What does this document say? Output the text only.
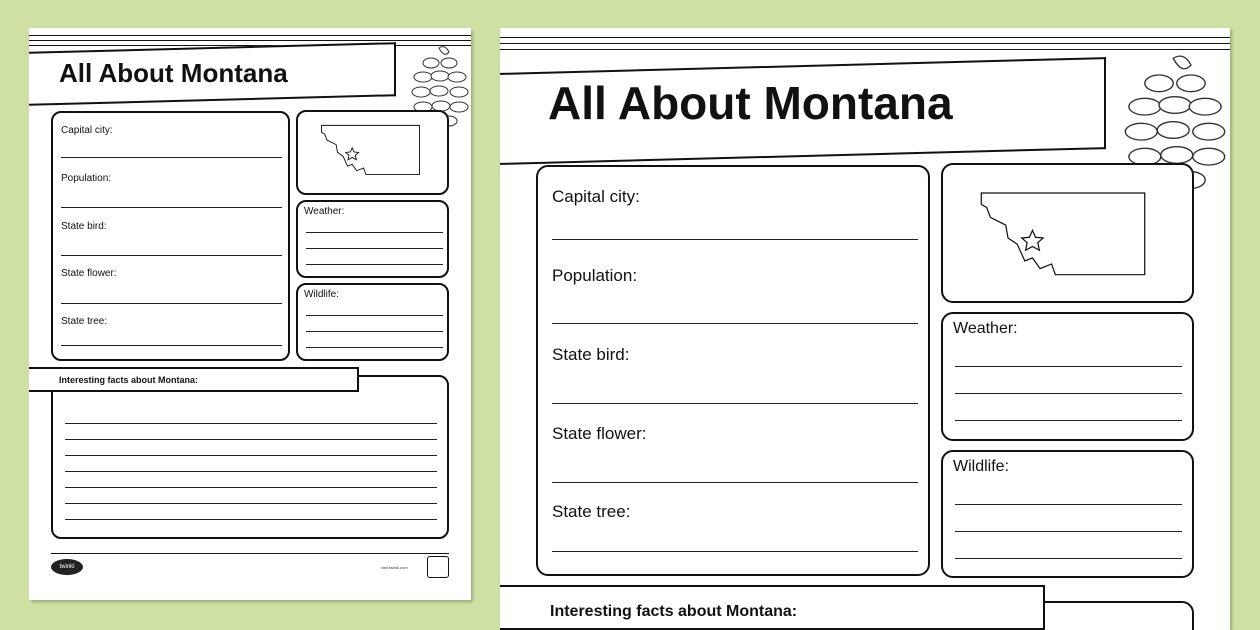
All About Montana
Capital city:
Population:
State bird:
State flower:
State tree:
Weather:
Wildlife:
Interesting facts about Montana:
twinkl	visit twinkl.com
All About Montana
Capital city:
Population:
State bird:
State flower:
State tree:
Weather:
Wildlife:
Interesting facts about Montana:
